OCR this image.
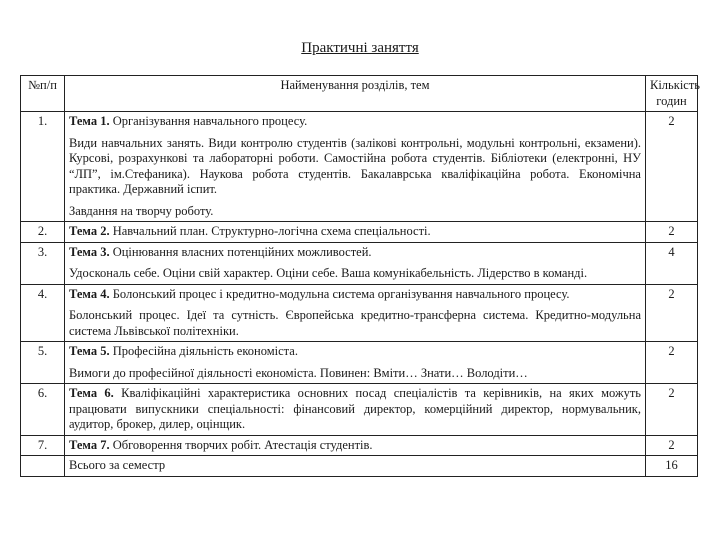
Практичні заняття
№п/п	Найменування розділів, тем	Кількість годин
1.	Тема 1. Організування навчального процесу.
Види навчальних занять. Види контролю студентів (залікові контрольні, модульні контрольні, екзамени). Курсові, розрахункові та лабораторні роботи. Самостійна робота студентів. Бібліотеки (електронні, НУ “ЛП”, ім.Стефаника). Наукова робота студентів. Бакалаврська кваліфікаційна робота. Економічна практика. Державний іспит.
Завдання на творчу роботу.	2
2.	Тема 2. Навчальний план. Структурно-логічна схема спеціальності.	2
3.	Тема 3. Оцінювання власних потенційних можливостей.
Удоскональ себе. Оціни свій характер. Оціни себе. Ваша комунікабельність. Лідерство в команді.	4
4.	Тема 4. Болонський процес і кредитно-модульна система організування навчального процесу.
Болонський процес. Ідеї та сутність. Європейська кредитно-трансферна система. Кредитно-модульна система Львівської політехніки.	2
5.	Тема 5. Професійна діяльність економіста.
Вимоги до професійної діяльності економіста. Повинен: Вміти… Знати… Володіти…	2
6.	Тема 6. Кваліфікаційні характеристика основних посад спеціалістів та керівників, на яких можуть працювати випускники спеціальності: фінансовий директор, комерційний директор, нормувальник, аудитор, брокер, дилер, оцінщик.	2
7.	Тема 7. Обговорення творчих робіт. Атестація студентів.	2
	Всього за семестр	16
